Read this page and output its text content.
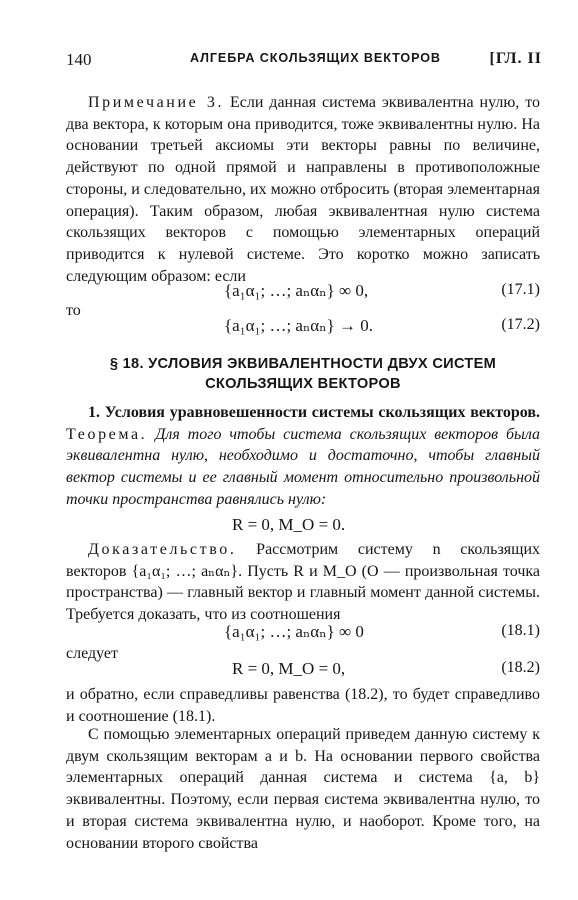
140	АЛГЕБРА СКОЛЬЗЯЩИХ ВЕКТОРОВ	[ГЛ. II

Примечание 3. Если данная система эквивалентна нулю, то два вектора, к которым она приводится, тоже эквивалентны нулю. На основании третьей аксиомы эти векторы равны по величине, действуют по одной прямой и направлены в противоположные стороны, и следовательно, их можно отбросить (вторая элементарная операция). Таким образом, любая эквивалентная нулю система скользящих векторов с помощью элементарных операций приводится к нулевой системе. Это коротко можно записать следующим образом: если

{a₁α₁; …; aₙαₙ} ∞ 0,	(17.1)
то
{a₁α₁; …; aₙαₙ} → 0.	(17.2)
§ 18. УСЛОВИЯ ЭКВИВАЛЕНТНОСТИ ДВУХ СИСТЕМ
СКОЛЬЗЯЩИХ ВЕКТОРОВ

1. Условия уравновешенности системы скользящих векторов. Теорема. Для того чтобы система скользящих векторов была эквивалентна нулю, необходимо и достаточно, чтобы главный вектор системы и ее главный момент относительно произвольной точки пространства равнялись нулю:

R = 0, M_O = 0.

Доказательство. Рассмотрим систему n скользящих векторов {a₁α₁; …; aₙαₙ}. Пусть R и M_O (O — произвольная точка пространства) — главный вектор и главный момент данной системы. Требуется доказать, что из соотношения

{a₁α₁; …; aₙαₙ} ∞ 0	(18.1)
следует
R = 0, M_O = 0,	(18.2)

и обратно, если справедливы равенства (18.2), то будет справедливо и соотношение (18.1).

С помощью элементарных операций приведем данную систему к двум скользящим векторам a и b. На основании первого свойства элементарных операций данная система и система {a, b} эквивалентны. Поэтому, если первая система эквивалентна нулю, то и вторая система эквивалентна нулю, и наоборот. Кроме того, на основании второго свойства
